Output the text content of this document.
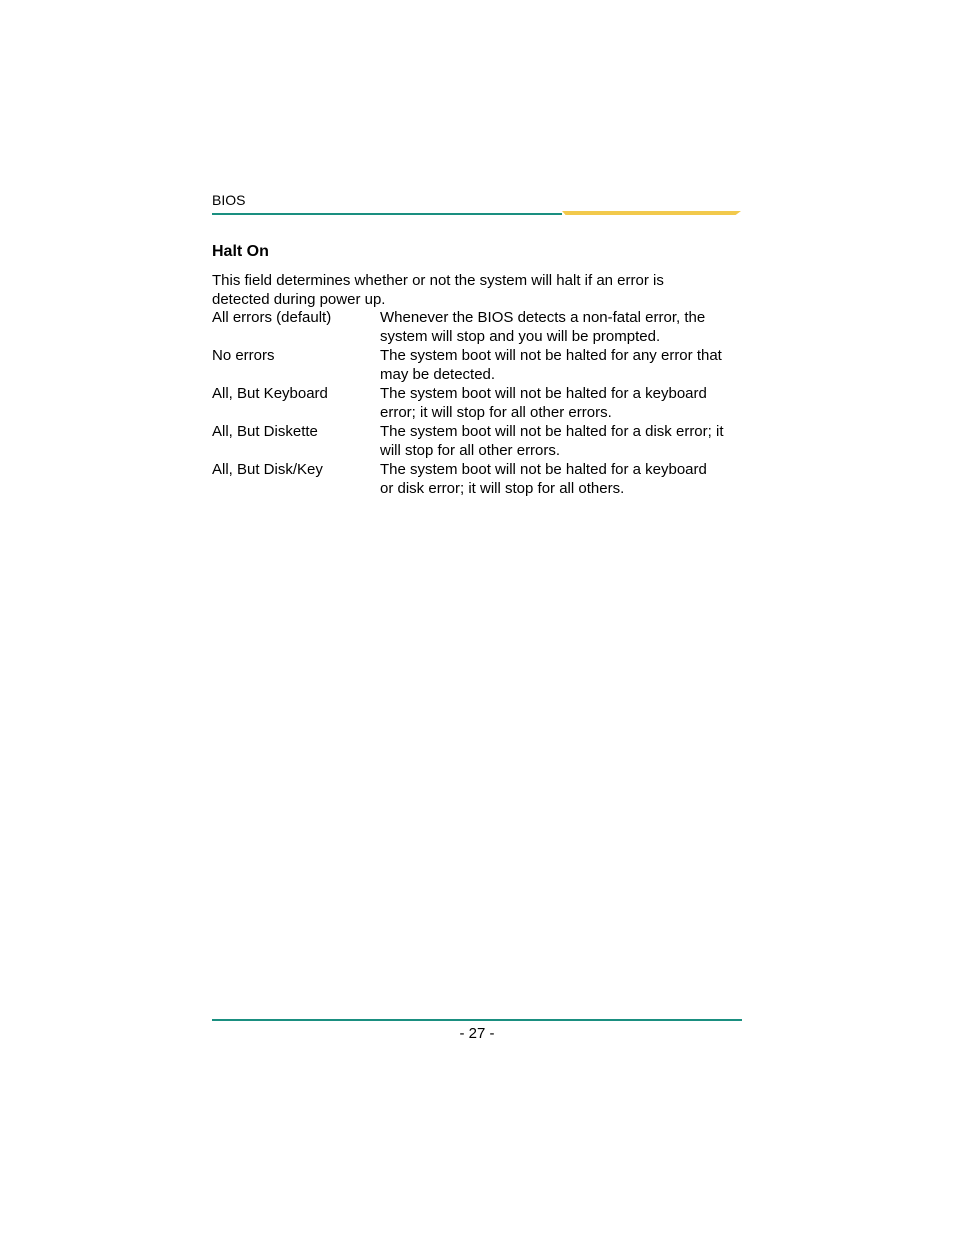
BIOS
Halt On
This field determines whether or not the system will halt if an error is
detected during power up.
All errors (default)	Whenever the BIOS detects a non-fatal error, the
system will stop and you will be prompted.
No errors	The system boot will not be halted for any error that
may be detected.
All, But Keyboard	The system boot will not be halted for a keyboard
error; it will stop for all other errors.
All, But Diskette	The system boot will not be halted for a disk error; it
will stop for all other errors.
All, But Disk/Key	The system boot will not be halted for a keyboard
or disk error; it will stop for all others.
- 27 -
